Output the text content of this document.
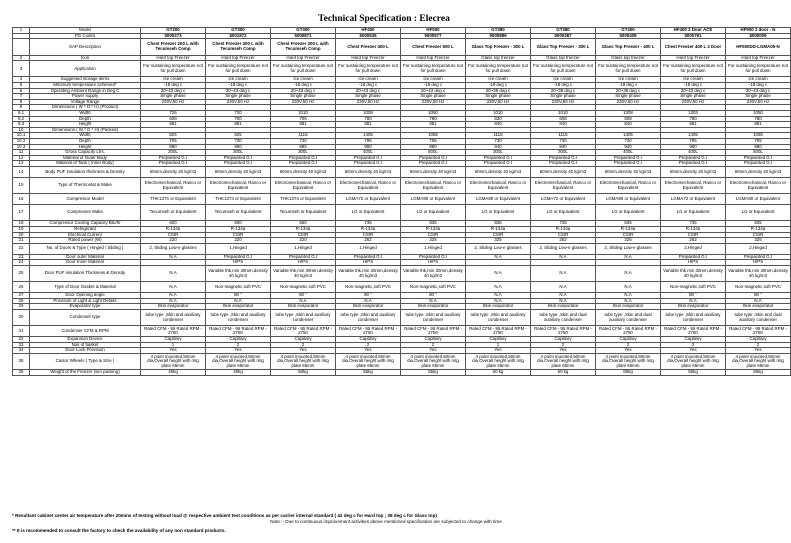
Technical Specification : Elecrea
1	Model	GT200	GT300	GT300	HF400	HF500	GT380	GT380	GT400	HF400 2 Door ACE	HF500 2 door - N
	PG Codes	5000273	5001872	5000871	5000635	5000577	5000886	5000387	5000408	5000791	5000009
	SAP Description	Chest Freezer 200 L with Tecumseh Comp	Chest Freezer 300 L with Tecumseh Comp	Chest Freezer 300 L with Tecumseh Comp	Chest Freezer 400 L	Chest Freezer 500 L	Glass Top Freezer - 300 L	Glass Top Freezer - 300 L	Glass Top Freezer - 400 L	Chest Freezer 400 L 2 Door	HF500DD-LGMA05-N
2	Icon	Hard top Freezer	Hard top Freezer	Hard top Freezer	Hard top Freezer	Hard top Freezer	Glass top freezer	Glass top freezer	Glass top freezer	Hard top Freezer	Hard top Freezer
3	Application	For sustaining temperature not for pull down	For sustaining temperature not for pull down	For sustaining temperature not for pull down	For sustaining temperature not for pull down	For sustaining temperature not for pull down	For sustaining temperature not for pull down	For sustaining temperature not for pull down	For sustaining temperature not for pull down	For sustaining temperature not for pull down	For sustaining temperature not for pull down
4	Suggested storage items	Ice cream	Ice cream	Ice cream	Ice cream	Ice cream	Ice cream	Ice cream	Ice cream	Ice cream	Ice cream
5	Minimum temperature achieved*	-18 deg c	-18 deg c	-18 deg c	-18 deg c	-18 deg c	-18 deg c	-18 deg c	-18 deg c	-18 deg c	-18 deg c
6	Operating Ambient Range in Deg C	20~43 deg c	20~43 deg c	20~43 deg c	20~43 deg c	20~43 deg c	20~38 deg c	20~38 deg c	20~38 deg c	20~43 deg c	20~43 deg c
7	Power supply	Single phase	Single phase	Single phase	Single phase	Single phase	Single phase	Single phase	Single phase	Single phase	Single phase
8	Voltage Range	230V,50 Hz	230V,50 Hz	230V,50 Hz	230V,50 Hz	230V,50 Hz	230V,50 Hz	230V,50 Hz	230V,50 Hz	230V,50 Hz	230V,50 Hz
9	Dimensions ( W * D * H) (Product)										
9.1	Widht	726	730	1010	1008	1050	1010	1010	1308	1303	1050
9.2	Depth	608	700	706	780	780	830	608	608	780	780
9.3	Height	881	881	881	881	881	840	840	840	881	881
10	Dimensions ( W * D * H) (Packed)										
10.1	Widht	825	825	1115	1405	1055	1115	1115	1405	1405	1055
10.2	Depth	705	730	730	795	795	730	730	730	795	795
10.3	Height	980	980	980	980	980	940	940	940	980	980
11	Gross Capacity Ltrs.	200L	300L	300L	400L	500L	300L	300L	400L	400L	500L
12	Material of Outer Body	Prepainted G.I	Prepainted G.I	Prepainted G.I	Prepainted G.I	Prepainted G.I	Prepainted G.I	Prepainted G.I	Prepainted G.I	Prepainted G.I	Prepainted G.I
13	Material of Tank ( Inner Body)	Prepainted G.I	Prepainted G.I	Prepainted G.I	Prepainted G.I	Prepainted G.I	Prepainted G.I	Prepainted G.I	Prepainted G.I	Prepainted G.I	Prepainted G.I
14	Body PUF insulation thickness & Density	60mm,density 40 kg/m3	60mm,density 40 kg/m3	60mm,density 40 kg/m3	60mm,density 40 kg/m3	60mm,density 40 kg/m3	60mm,density 40 kg/m3	60mm,density 40 kg/m3	60mm,density 40 kg/m3	60mm,density 40 kg/m3	60mm,density 40 kg/m3
15	Type of Thermostat & Make	Electromechanical, Ranco or Equivalent	Electromechanical, Ranco or Equivalent	Electromechanical, Ranco or Equivalent	Electromechanical, Ranco or Equivalent	Electromechanical, Ranco or Equivalent	Electromechanical, Ranco or Equivalent	Electromechanical, Ranco or Equivalent	Electromechanical, Ranco or Equivalent	Electromechanical, Ranco or Equivalent	Electromechanical, Ranco or Equivalent
16	Compressor Model	THK1374 or Equivalent	THK1374 or Equivalent	THK1374 or Equivalent	LGMA72 or Equivalent	LGMA80 or Equivalent	LGMA80 or Equivalent	LGMA72 or Equivalent	LGMA80 or Equivalent	LGMA72 or Equivalent	LGMA80 or Equivalent
17	Compressor Make	Tecumseh or Equivalent	Tecumseh or Equivalent	Tecumseh or Equivalent	LG or Equivalent	LG or Equivalent	LG or Equivalent	LG or Equivalent	LG or Equivalent	LG or Equivalent	LG or Equivalent
18	Compressor Cooling Capacity Btu/hr	600	600	660	735	835	835	735	835	735	835
19	Refrigerant	R-134a	R-134a	R-134a	R-134a	R-134a	R-134a	R-134a	R-134a	R-134a	R-134a
20	Electrical Current	CSIR	CSIR	CSIR	CSIR	CSIR	CSIR	CSIR	CSIR	CSIR	CSIR
21	Rated power (W)	220	220	220	262	325	325	262	325	262	325
22	No. of Doors & Type ( Hinged / Sliding )	2, Sliding Low-e glasses	1,Hinged	1,Hinged	1,Hinged	1,Hinged	2, Sliding Low-e glasses	2, Sliding Low-e glasses	2, Sliding Low-e glasses	2,Hinged	2,Hinged
23	Door outer Material	N.A	Prepainted G.I	Prepainted G.I	Prepainted G.I	Prepainted G.I	N.A	N.A	N.A	Prepainted G.I	Prepainted G.I
24	Door Inner Material		HIPS	HIPS	HIPS	HIPS				HIPS	HIPS
25	Door PUF insulation Thickness & Density	N.A	Variable thk,min 30mm,density 40 kg/m3	Variable thk,min 30mm,density 40 kg/m3	Variable thk,min 30mm,density 40 kg/m3	Variable thk,min 30mm,density 40 kg/m3	N.A	N.A	N.A	Variable thk,min 30mm,density 40 kg/m3	Variable thk,min 30mm,density 40 kg/m3
26	Type of Door Gasket & Material	N.A	Non-magnetic,soft PVC	Non-magnetic,soft PVC	Non-magnetic,soft PVC	Non-magnetic,soft PVC	N.A	N.A	N.A	Non-magnetic,soft PVC	Non-magnetic,soft PVC
27	Door Opening angle	N.A	80 °	80 °	80 °	80 °	N.A	N.A	N.A	80 °	80 °
28	Provision of Light & Light Details	N.A	N.A	N.A	N.A	N.A	N.A	N.A	N.A	N.A	N.A
29	Evaporator type	Skin evaporator	Skin evaporator	Skin evaporator	Skin evaporator	Skin evaporator	Skin evaporator	Skin evaporator	Skin evaporator	Skin evaporator	Skin evaporator
30	Condenser type	tube type ,Skin and auxiliary condenser	tube type ,Skin and auxiliary condenser	tube type ,Skin and auxiliary condenser	tube type ,Skin and auxiliary condenser	tube type ,Skin and auxiliary condenser	tube type ,Skin and auxiliary condenser	tube type ,Skin and dual auxiliary condenser	tube type ,Skin and dual auxiliary condenser	tube type ,Skin and auxiliary condenser	tube type ,Skin and dual auxiliary condenser
31	Condenser CFM & RPM	Rated CFM - 95 Rated RPM - 2750	Rated CFM - 95 Rated RPM - 2750	Rated CFM - 95 Rated RPM - 2750	Rated CFM - 95 Rated RPM - 2750	Rated CFM - 95 Rated RPM - 2750	Rated CFM - 95 Rated RPM - 2750	Rated CFM - 95 Rated RPM - 2750	Rated CFM - 95 Rated RPM - 2750	Rated CFM - 95 Rated RPM - 2750	Rated CFM - 95 Rated RPM - 2750
32	Expansion Device	Capillary	Capillary	Capillary	Capillary	Capillary	Capillary	Capillary	Capillary	Capillary	Capillary
33	Nos of basket	1	2	2	2	2	1	2	2	2	2
34	Door Lock Provision	Yes	Yes	Yes	Yes	Yes	Yes	Yes	Yes	Yes	Yes
35	Castor Wheels ( Type & Size )	4 point mounted,50mm dia,Overall height with mtg plate 65mm	4 point mounted,50mm dia,Overall height with mtg plate 65mm	4 point mounted,50mm dia,Overall height with mtg plate 65mm	4 point mounted,50mm dia,Overall height with mtg plate 65mm	4 point mounted,50mm dia,Overall height with mtg plate 65mm	4 point mounted,50mm dia,Overall height with mtg plate 65mm	4 point mounted,50mm dia,Overall height with mtg plate 65mm	4 point mounted,50mm dia,Overall height with mtg plate 65mm	4 point mounted,50mm dia,Overall height with mtg plate 65mm	4 point mounted,50mm dia,Overall height with mtg plate 65mm
36	Weight of the Freezer (w/o packing)	46kg	48kg	50kg	55kg	65kg	60 kg	60 kg	65kg	55kg	65kg
* Resultant cabinet center air temperature after 20mins of testing without load @ respective ambient test conditions as per carrier internal standard ( 42 deg c for Hard top ; 38 deg c for Glass top)
Note :- Due to continuous improvement activities above mentioned specification are subjected to change with time
** It is recommended to consult the factory to check the availability of any non standard products.
